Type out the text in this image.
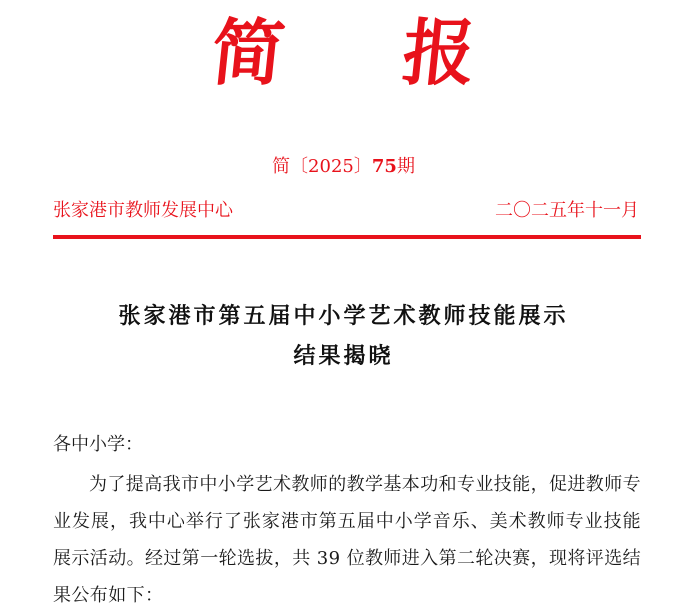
简 报
简〔2025〕75期
张家港市教师发展中心	二〇二五年十一月
张家港市第五届中小学艺术教师技能展示
结果揭晓
各中小学：
为了提高我市中小学艺术教师的教学基本功和专业技能，促进教师专业发展，我中心举行了张家港市第五届中小学音乐、美术教师专业技能展示活动。经过第一轮选拔，共 39 位教师进入第二轮决赛，现将评选结果公布如下：
